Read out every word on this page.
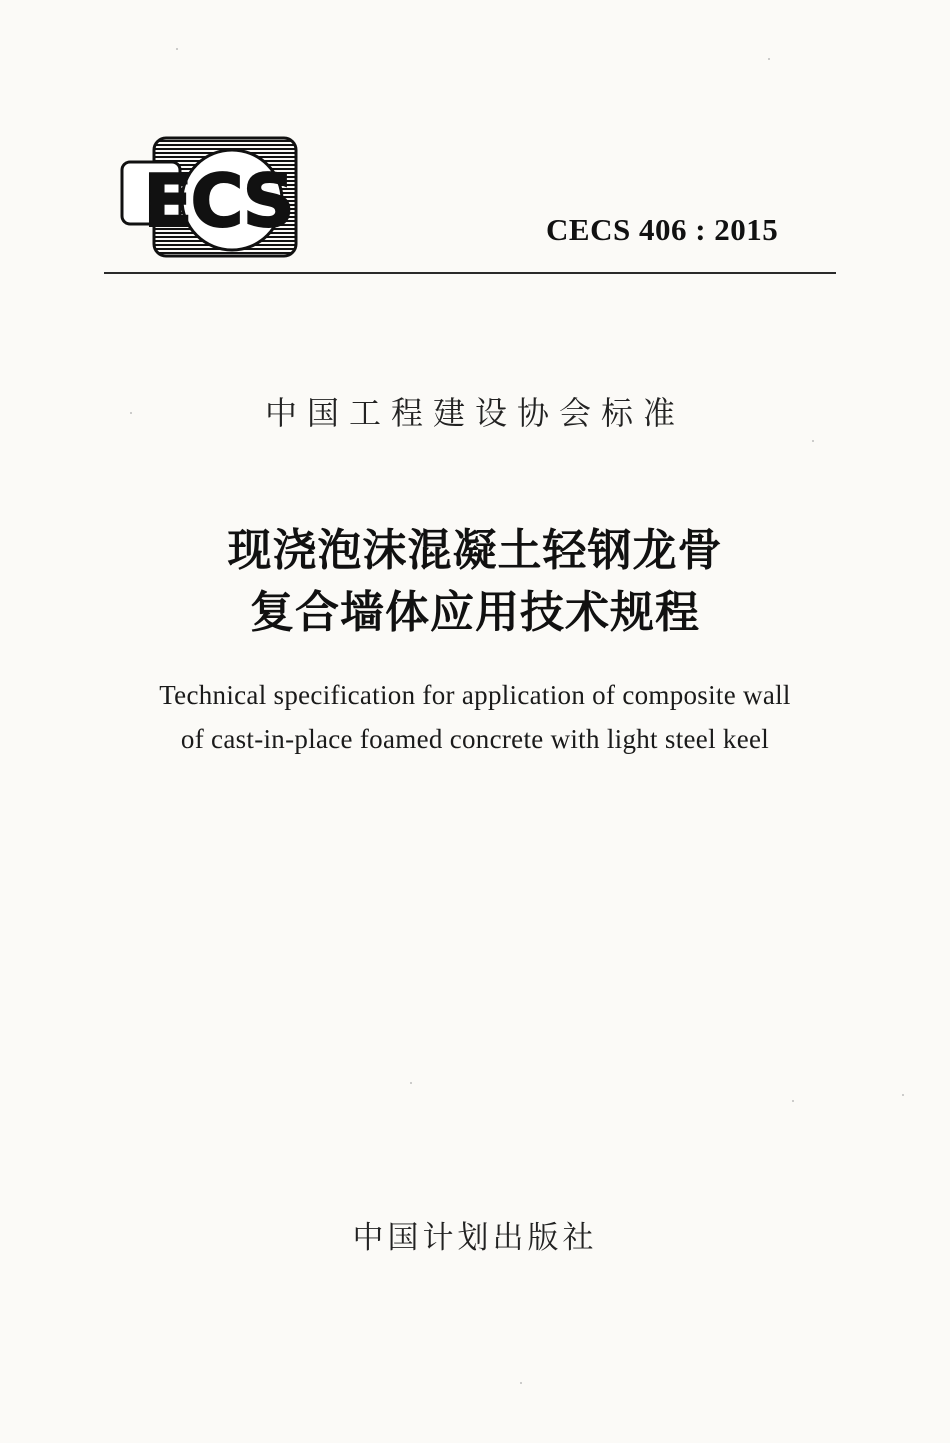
ECS	CECS 406 : 2015
中国工程建设协会标准
现浇泡沫混凝土轻钢龙骨
复合墙体应用技术规程
Technical specification for application of composite wall
of cast-in-place foamed concrete with light steel keel
中国计划出版社
